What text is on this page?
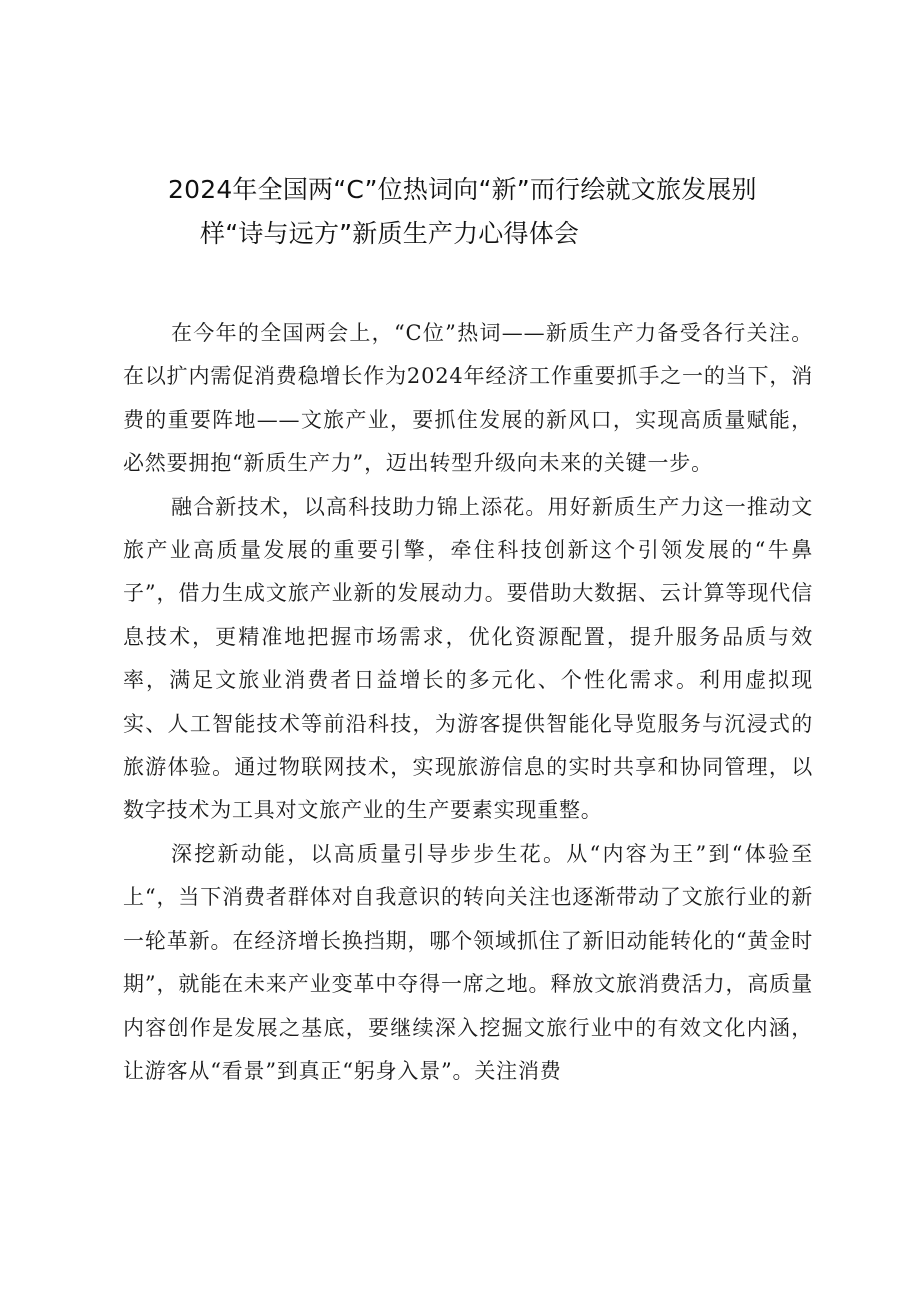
2024年全国两“C”位热词向“新”而行绘就文旅发展别
样“诗与远方”新质生产力心得体会

在今年的全国两会上，“C位”热词——新质生产力备受各行关注。在以扩内需促消费稳增长作为2024年经济工作重要抓手之一的当下，消费的重要阵地——文旅产业，要抓住发展的新风口，实现高质量赋能，必然要拥抱“新质生产力”，迈出转型升级向未来的关键一步。

融合新技术，以高科技助力锦上添花。用好新质生产力这一推动文旅产业高质量发展的重要引擎，牵住科技创新这个引领发展的“牛鼻子”，借力生成文旅产业新的发展动力。要借助大数据、云计算等现代信息技术，更精准地把握市场需求，优化资源配置，提升服务品质与效率，满足文旅业消费者日益增长的多元化、个性化需求。利用虚拟现实、人工智能技术等前沿科技，为游客提供智能化导览服务与沉浸式的旅游体验。通过物联网技术，实现旅游信息的实时共享和协同管理，以数字技术为工具对文旅产业的生产要素实现重整。

深挖新动能，以高质量引导步步生花。从“内容为王”到“体验至上“，当下消费者群体对自我意识的转向关注也逐渐带动了文旅行业的新一轮革新。在经济增长换挡期，哪个领域抓住了新旧动能转化的“黄金时期”，就能在未来产业变革中夺得一席之地。释放文旅消费活力，高质量内容创作是发展之基底，要继续深入挖掘文旅行业中的有效文化内涵，让游客从“看景”到真正“躬身入景”。关注消费
